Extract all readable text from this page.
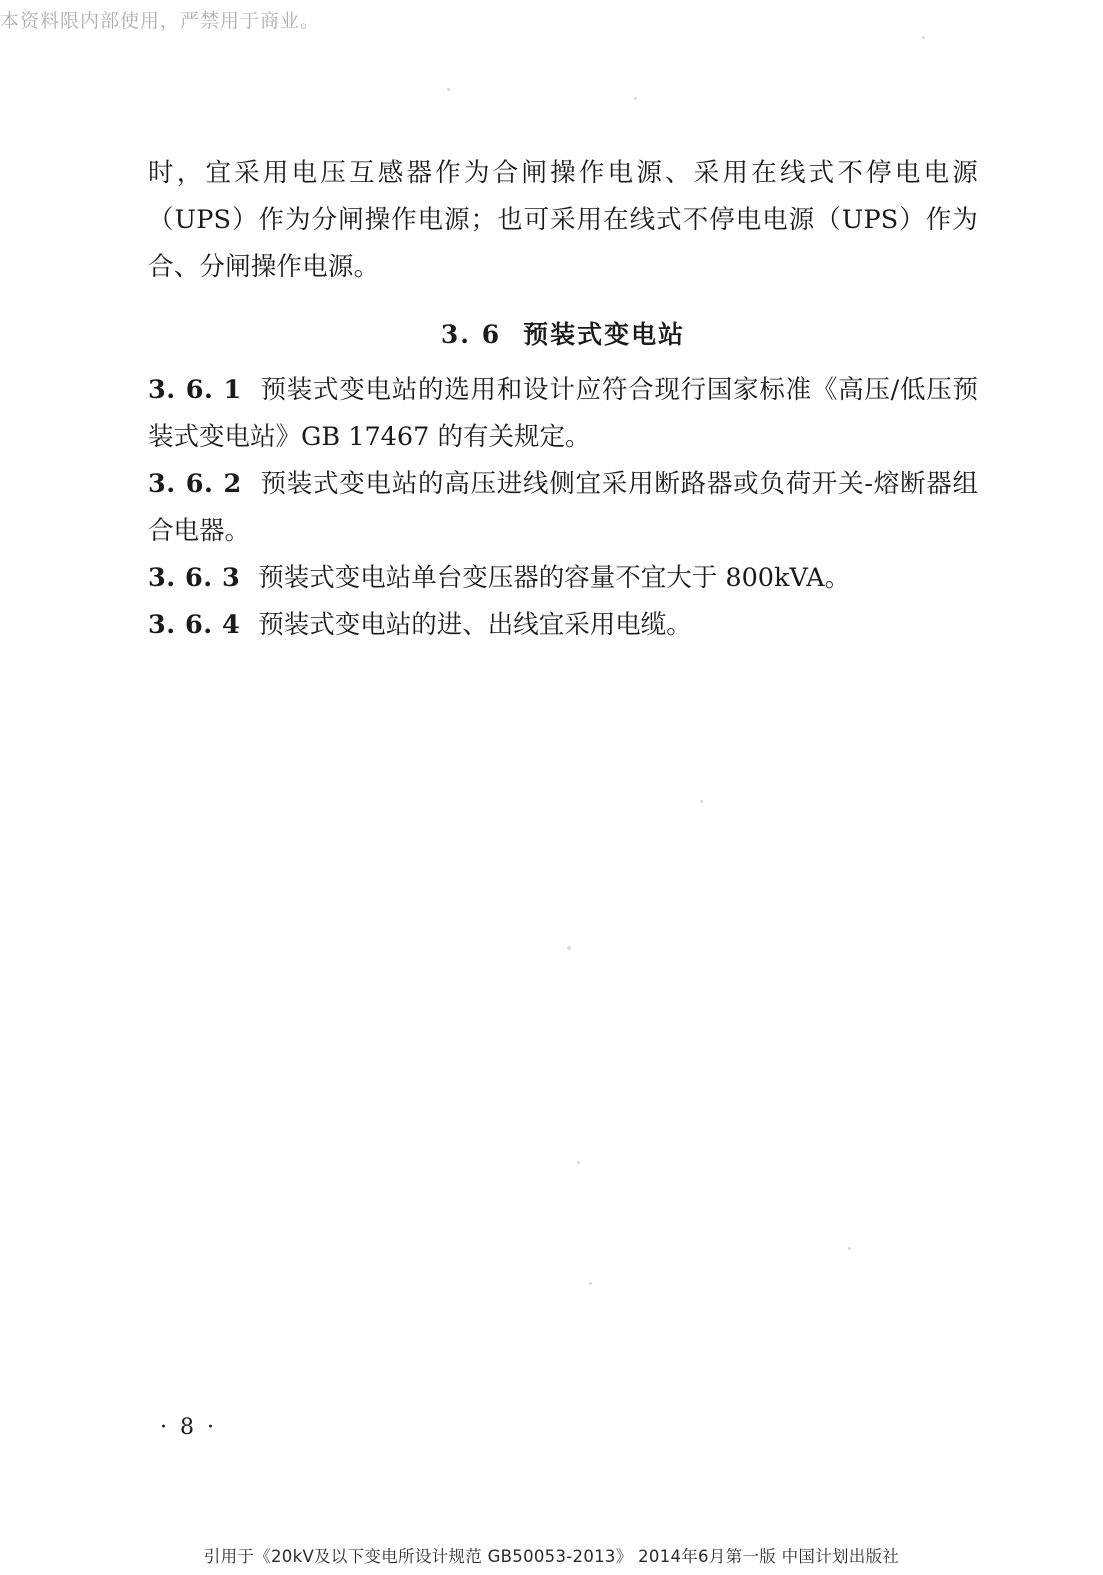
本资料限内部使用，严禁用于商业。

时，宜采用电压互感器作为合闸操作电源、采用在线式不停电电源（UPS）作为分闸操作电源；也可采用在线式不停电电源（UPS）作为合、分闸操作电源。

3. 6 预装式变电站

3. 6. 1 预装式变电站的选用和设计应符合现行国家标准《高压/低压预装式变电站》GB 17467 的有关规定。

3. 6. 2 预装式变电站的高压进线侧宜采用断路器或负荷开关-熔断器组合电器。

3. 6. 3 预装式变电站单台变压器的容量不宜大于 800kVA。

3. 6. 4 预装式变电站的进、出线宜采用电缆。

· 8 ·
引用于《20kV及以下变电所设计规范 GB50053-2013》 2014年6月第一版 中国计划出版社
